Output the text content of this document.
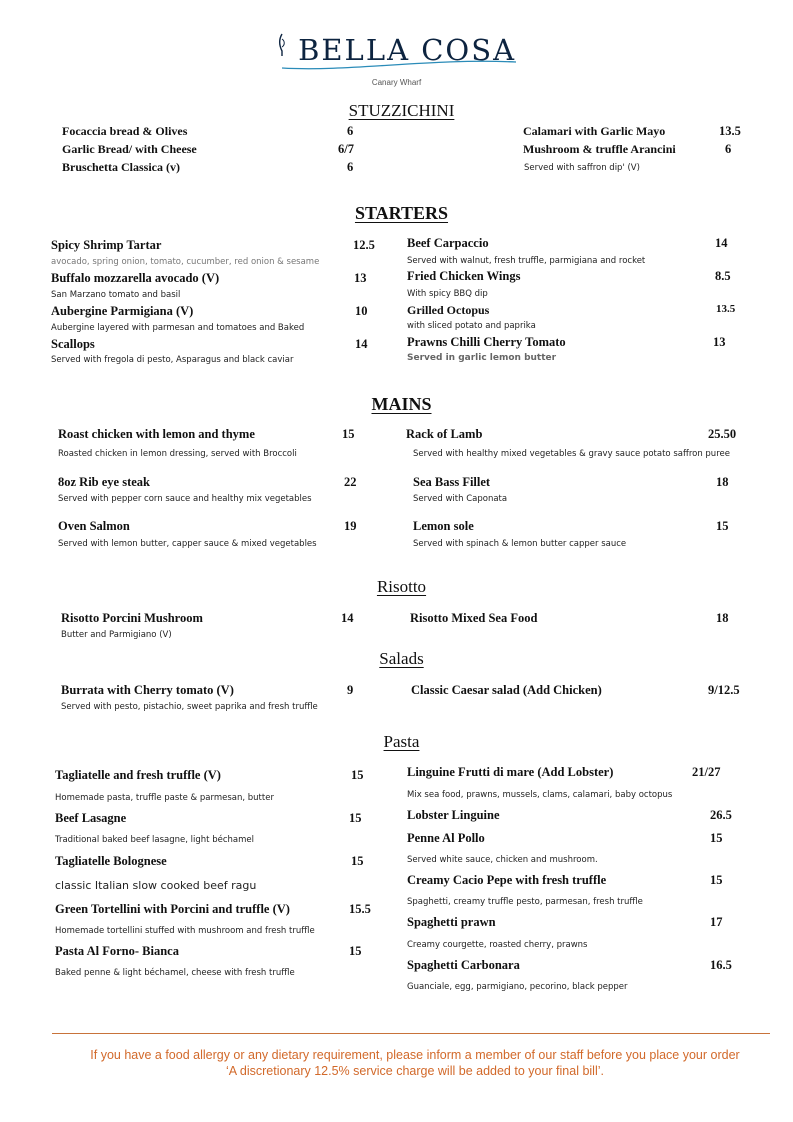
BELLA COSA
Canary Wharf
STUZZICHINI
Focaccia bread & Olives	6
Garlic Bread/ with Cheese	6/7
Bruschetta Classica (v)	6
Calamari with Garlic Mayo	13.5
Mushroom & truffle Arancini	6
Served with saffron dip' (V)
STARTERS
Spicy Shrimp Tartar	12.5
avocado, spring onion, tomato, cucumber, red onion & sesame
Buffalo mozzarella avocado (V)	13
San Marzano tomato and basil
Aubergine Parmigiana (V)	10
Aubergine layered with parmesan and tomatoes and Baked
Scallops	14
Served with fregola di pesto, Asparagus and black caviar
Beef Carpaccio	14
Served with walnut, fresh truffle, parmigiana and rocket
Fried Chicken Wings	8.5
With spicy BBQ dip
Grilled Octopus	13.5
with sliced potato and paprika
Prawns Chilli Cherry Tomato	13
Served in garlic lemon butter
MAINS
Roast chicken with lemon and thyme	15
Roasted chicken in lemon dressing, served with Broccoli
8oz Rib eye steak	22
Served with pepper corn sauce and healthy mix vegetables
Oven Salmon	19
Served with lemon butter, capper sauce & mixed vegetables
Rack of Lamb	25.50
Served with healthy mixed vegetables & gravy sauce potato saffron puree
Sea Bass Fillet	18
Served with Caponata
Lemon sole	15
Served with spinach & lemon butter capper sauce
Risotto
Risotto Porcini Mushroom	14
Butter and Parmigiano (V)
Risotto Mixed Sea Food	18
Salads
Burrata with Cherry tomato (V)	9
Served with pesto, pistachio, sweet paprika and fresh truffle
Classic Caesar salad (Add Chicken)	9/12.5
Pasta
Tagliatelle and fresh truffle (V)	15
Homemade pasta, truffle paste & parmesan, butter
Beef Lasagne	15
Traditional baked beef lasagne, light béchamel
Tagliatelle Bolognese	15
classic Italian slow cooked beef ragu
Green Tortellini with Porcini and truffle (V)	15.5
Homemade tortellini stuffed with mushroom and fresh truffle
Pasta Al Forno- Bianca	15
Baked penne & light béchamel, cheese with fresh truffle
Linguine Frutti di mare (Add Lobster)	21/27
Mix sea food, prawns, mussels, clams, calamari, baby octopus
Lobster Linguine	26.5
Penne Al Pollo	15
Served white sauce, chicken and mushroom.
Creamy Cacio Pepe with fresh truffle	15
Spaghetti, creamy truffle pesto, parmesan, fresh truffle
Spaghetti prawn	17
Creamy courgette, roasted cherry, prawns
Spaghetti Carbonara	16.5
Guanciale, egg, parmigiano, pecorino, black pepper
If you have a food allergy or any dietary requirement, please inform a member of our staff before you place your order
‘A discretionary 12.5% service charge will be added to your final bill’.
